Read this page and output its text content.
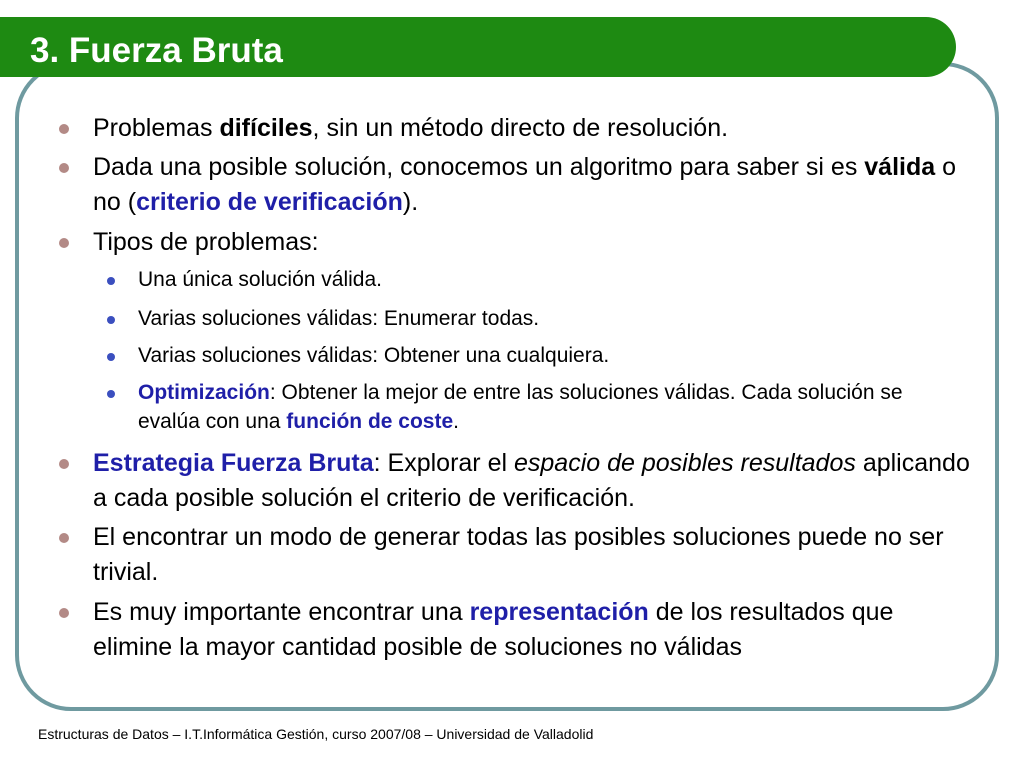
3. Fuerza Bruta
Problemas difíciles, sin un método directo de resolución.
Dada una posible solución, conocemos un algoritmo para saber si es válida o no (criterio de verificación).
Tipos de problemas:
Una única solución válida.
Varias soluciones válidas: Enumerar todas.
Varias soluciones válidas: Obtener una cualquiera.
Optimización: Obtener la mejor de entre las soluciones válidas. Cada solución se evalúa con una función de coste.
Estrategia Fuerza Bruta: Explorar el espacio de posibles resultados aplicando a cada posible solución el criterio de verificación.
El encontrar un modo de generar todas las posibles soluciones puede no ser trivial.
Es muy importante encontrar una representación de los resultados que elimine la mayor cantidad posible de soluciones no válidas
Estructuras de Datos – I.T.Informática Gestión, curso 2007/08 – Universidad de Valladolid
